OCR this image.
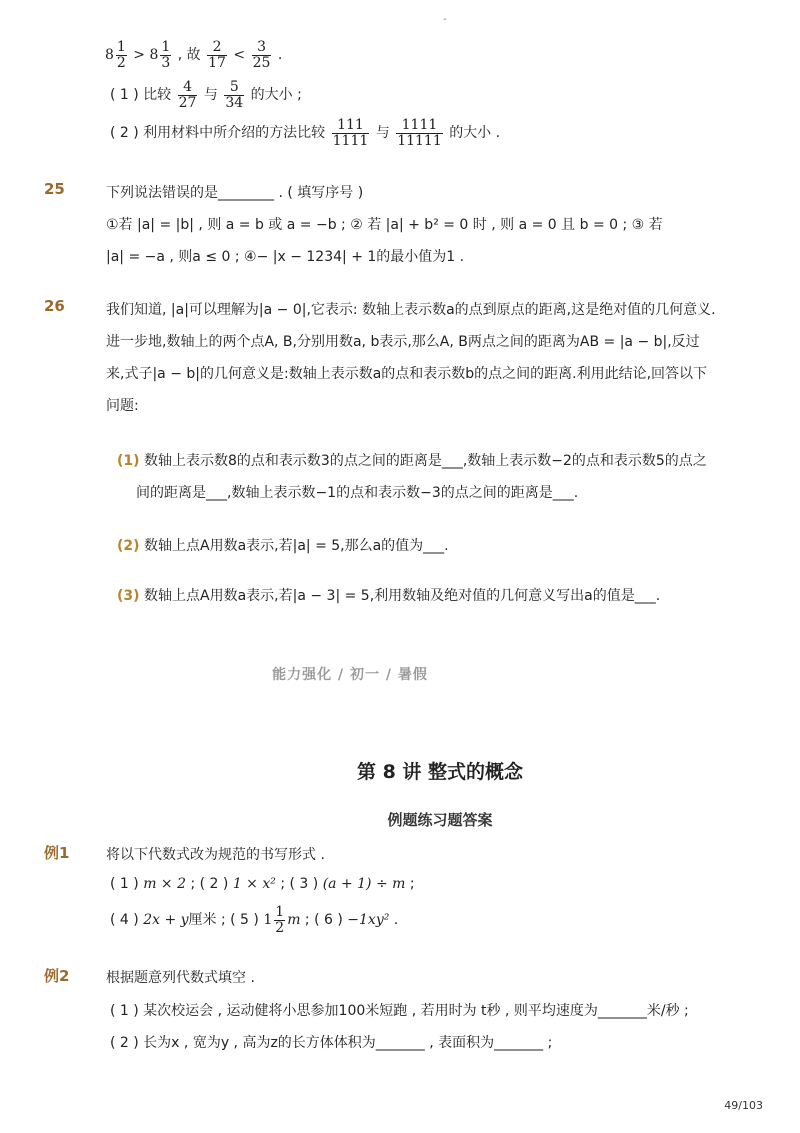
-
$8 \frac{1}{2} > 8 \frac{1}{3}$ , 故 $\frac{2}{17} < \frac{3}{25}$ .
( 1 ) 比较 $\frac{4}{27}$ 与 $\frac{5}{34}$ 的大小 ;
( 2 ) 利用材料中所介绍的方法比较 $\frac{111}{1111}$ 与 $\frac{1111}{11111}$ 的大小 .
25	下列说法错误的是________ . ( 填写序号 )
①若 |a| = |b| , 则 a = b 或 a = −b ; ② 若 |a| + b² = 0 时 , 则 a = 0 且 b = 0 ; ③ 若
|a| = −a , 则a ≤ 0 ; ④− |x − 1234| + 1的最小值为1 .
26	我们知道, |a|可以理解为|a − 0|,它表示: 数轴上表示数a的点到原点的距离,这是绝对值的几何意义.
进一步地,数轴上的两个点A, B,分别用数a, b表示,那么A, B两点之间的距离为AB = |a − b|,反过
来,式子|a − b|的几何意义是:数轴上表示数a的点和表示数b的点之间的距离.利用此结论,回答以下
问题:
(1) 数轴上表示数8的点和表示数3的点之间的距离是___,数轴上表示数−2的点和表示数5的点之
间的距离是___,数轴上表示数−1的点和表示数−3的点之间的距离是___.
(2) 数轴上点A用数a表示,若|a| = 5,那么a的值为___.
(3) 数轴上点A用数a表示,若|a − 3| = 5,利用数轴及绝对值的几何意义写出a的值是___.
能力强化 / 初一 / 暑假
第 8 讲 整式的概念
例题练习题答案
例1	将以下代数式改为规范的书写形式 .
( 1 ) m × 2 ; ( 2 ) 1 × x² ; ( 3 ) (a + 1) ÷ m ;
( 4 ) 2x + y厘米 ; ( 5 ) $1 \frac{1}{2}$ m ; ( 6 ) −1xy² .
例2	根据题意列代数式填空 .
( 1 ) 某次校运会 , 运动健将小思参加100米短跑 , 若用时为 t秒 , 则平均速度为_______米/秒 ;
( 2 ) 长为x , 宽为y , 高为z的长方体体积为_______ , 表面积为_______ ;
49/103
